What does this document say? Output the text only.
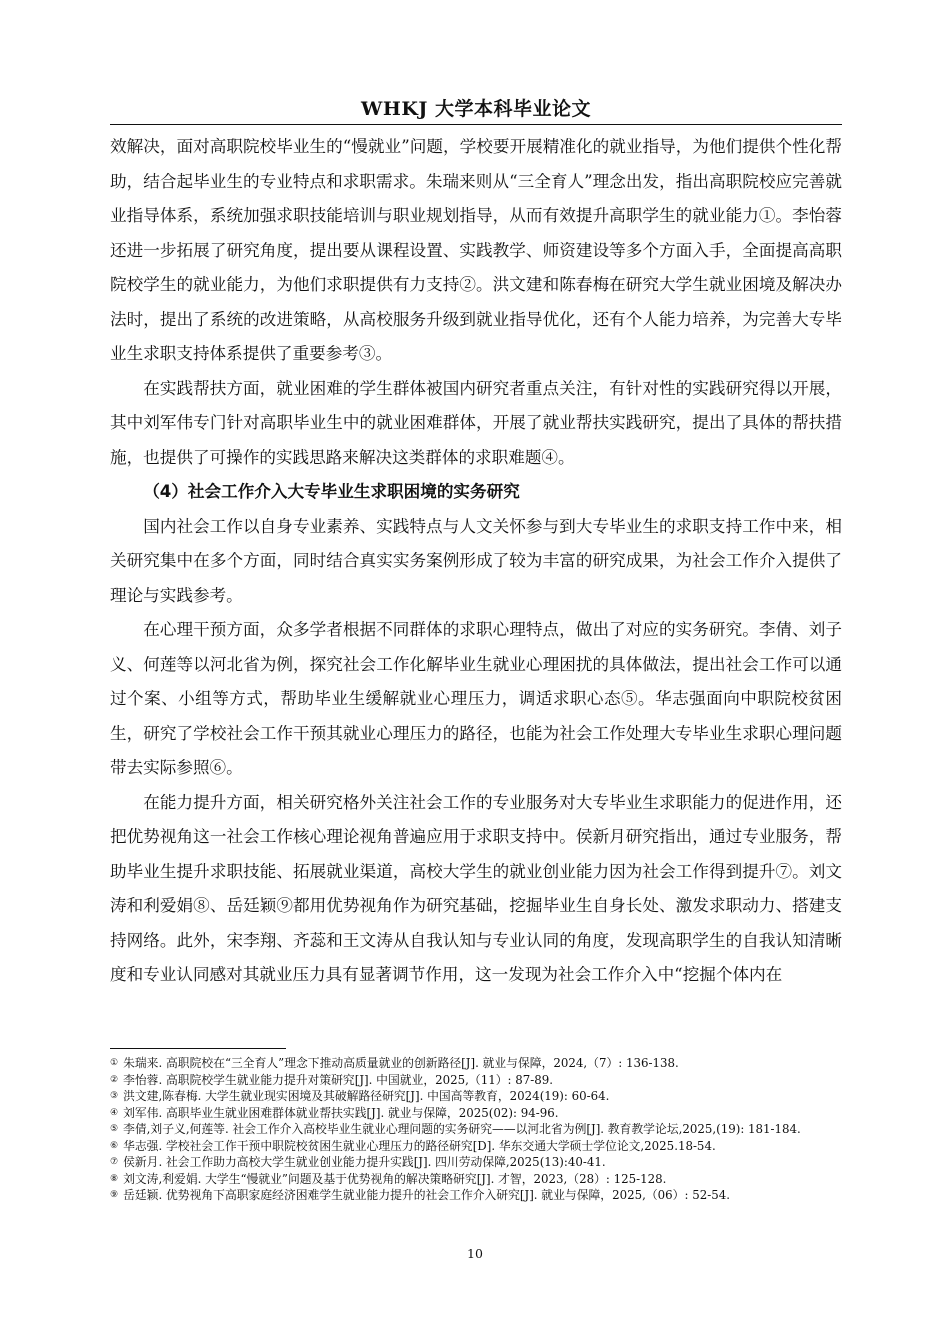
WHKJ 大学本科毕业论文

效解决，面对高职院校毕业生的“慢就业”问题，学校要开展精准化的就业指导，为他们提供个性化帮助，结合起毕业生的专业特点和求职需求。朱瑞来则从“三全育人”理念出发，指出高职院校应完善就业指导体系，系统加强求职技能培训与职业规划指导，从而有效提升高职学生的就业能力①。李怡蓉还进一步拓展了研究角度，提出要从课程设置、实践教学、师资建设等多个方面入手，全面提高高职院校学生的就业能力，为他们求职提供有力支持②。洪文建和陈春梅在研究大学生就业困境及解决办法时，提出了系统的改进策略，从高校服务升级到就业指导优化，还有个人能力培养，为完善大专毕业生求职支持体系提供了重要参考③。

在实践帮扶方面，就业困难的学生群体被国内研究者重点关注，有针对性的实践研究得以开展，其中刘军伟专门针对高职毕业生中的就业困难群体，开展了就业帮扶实践研究，提出了具体的帮扶措施，也提供了可操作的实践思路来解决这类群体的求职难题④。

（4）社会工作介入大专毕业生求职困境的实务研究

国内社会工作以自身专业素养、实践特点与人文关怀参与到大专毕业生的求职支持工作中来，相关研究集中在多个方面，同时结合真实实务案例形成了较为丰富的研究成果，为社会工作介入提供了理论与实践参考。

在心理干预方面，众多学者根据不同群体的求职心理特点，做出了对应的实务研究。李倩、刘子义、何莲等以河北省为例，探究社会工作化解毕业生就业心理困扰的具体做法，提出社会工作可以通过个案、小组等方式，帮助毕业生缓解就业心理压力，调适求职心态⑤。华志强面向中职院校贫困生，研究了学校社会工作干预其就业心理压力的路径，也能为社会工作处理大专毕业生求职心理问题带去实际参照⑥。

在能力提升方面，相关研究格外关注社会工作的专业服务对大专毕业生求职能力的促进作用，还把优势视角这一社会工作核心理论视角普遍应用于求职支持中。侯新月研究指出，通过专业服务，帮助毕业生提升求职技能、拓展就业渠道，高校大学生的就业创业能力因为社会工作得到提升⑦。刘文涛和利爱娟⑧、岳廷颖⑨都用优势视角作为研究基础，挖掘毕业生自身长处、激发求职动力、搭建支持网络。此外，宋李翔、齐蕊和王文涛从自我认知与专业认同的角度，发现高职学生的自我认知清晰度和专业认同感对其就业压力具有显著调节作用，这一发现为社会工作介入中“挖掘个体内在

① 朱瑞来. 高职院校在“三全育人”理念下推动高质量就业的创新路径[J]. 就业与保障，2024,（7）: 136-138.

② 李怡蓉. 高职院校学生就业能力提升对策研究[J]. 中国就业，2025,（11）: 87-89.

③ 洪文建,陈春梅. 大学生就业现实困境及其破解路径研究[J]. 中国高等教育，2024(19): 60-64.

④ 刘军伟. 高职毕业生就业困难群体就业帮扶实践[J]. 就业与保障，2025(02): 94-96.

⑤ 李倩,刘子义,何莲等. 社会工作介入高校毕业生就业心理问题的实务研究——以河北省为例[J]. 教育教学论坛,2025,(19): 181-184.

⑥ 华志强. 学校社会工作干预中职院校贫困生就业心理压力的路径研究[D]. 华东交通大学硕士学位论文,2025.18-54.

⑦ 侯新月. 社会工作助力高校大学生就业创业能力提升实践[J]. 四川劳动保障,2025(13):40-41.

⑧ 刘文涛,利爱娟. 大学生“慢就业”问题及基于优势视角的解决策略研究[J]. 才智，2023,（28）: 125-128.

⑨ 岳廷颖. 优势视角下高职家庭经济困难学生就业能力提升的社会工作介入研究[J]. 就业与保障，2025,（06）: 52-54.

10
